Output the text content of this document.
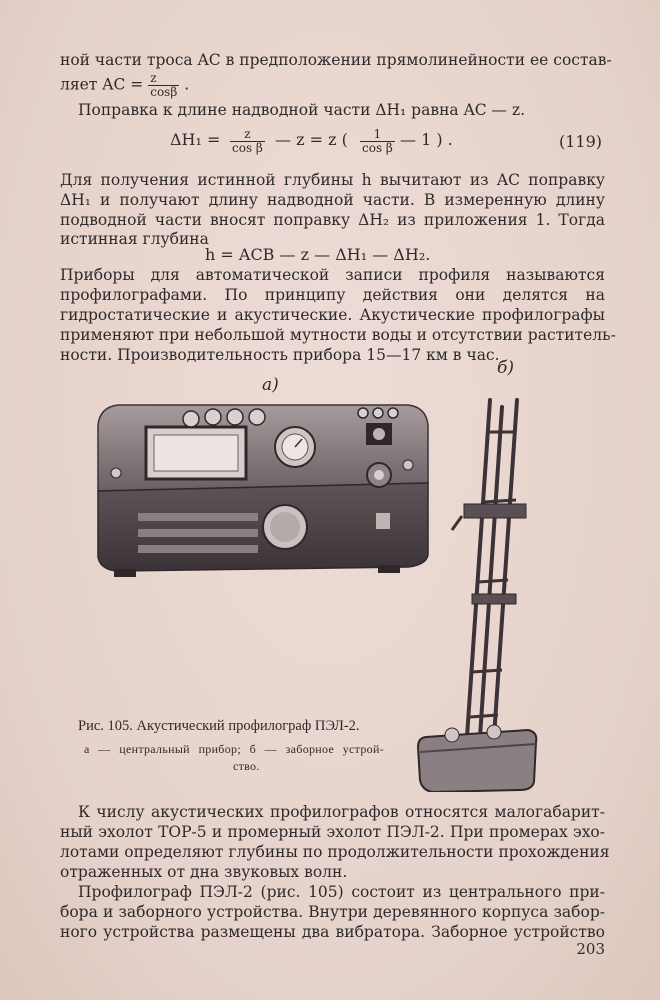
ной части троса AC в предположении прямолинейности ее состав-
ляет AC = $\frac{z}{\cos\beta}$ .
Поправка к длине надводной части ΔH₁ равна AC — z.
$\Delta H_1 = \frac{z}{\text{cos β}}$ — z = z ( $\frac{1}{\text{cos β}}$ — 1 ) .	(119)
Для получения истинной глубины h вычитают из AC поправку
ΔH₁ и получают длину надводной части. В измеренную длину
подводной части вносят поправку ΔH₂ из приложения 1. Тогда
истинная глубина
h = ACB — z — ΔH₁ — ΔH₂.
Приборы для автоматической записи профиля называются
профилографами. По принципу действия они делятся на
гидростатические и акустические. Акустические профилографы
применяют при небольшой мутности воды и отсутствии раститель-
ности. Производительность прибора 15—17 км в час.
а)
б)
Рис. 105. Акустический профилограф ПЭЛ-2.
а — центральный прибор; б — заборное устрой-
ство.
К числу акустических профилографов относятся малогабарит-
ный эхолот ТОР-5 и промерный эхолот ПЭЛ-2. При промерах эхо-
лотами определяют глубины по продолжительности прохождения
отраженных от дна звуковых волн.
Профилограф ПЭЛ-2 (рис. 105) состоит из центрального при-
бора и заборного устройства. Внутри деревянного корпуса забор-
ного устройства размещены два вибратора. Заборное устройство
203
